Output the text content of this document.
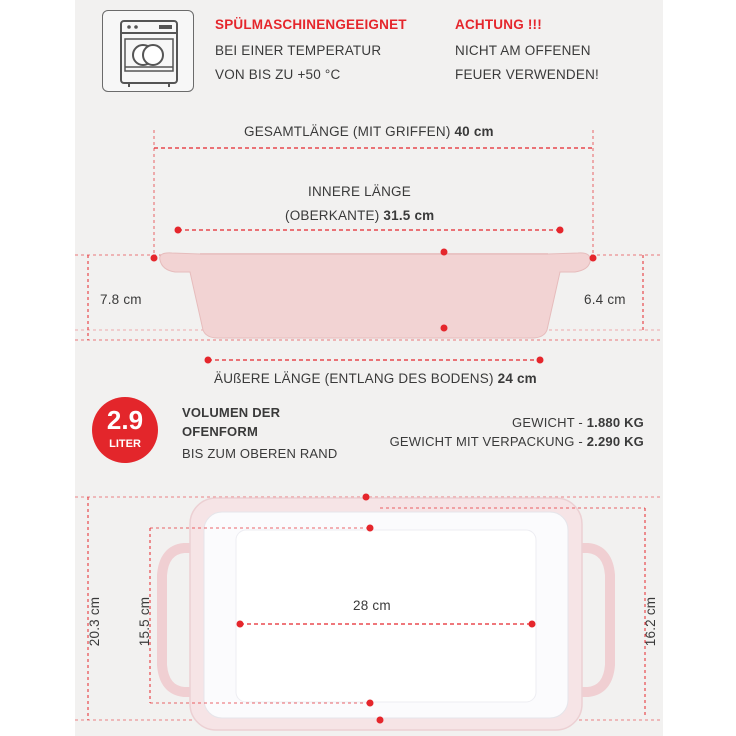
SPÜLMASCHINENGEEIGNET
BEI EINER TEMPERATUR
VON BIS ZU +50 °C
ACHTUNG !!!
NICHT AM OFFENEN
FEUER VERWENDEN!
GESAMTLÄNGE (MIT GRIFFEN) 40 cm
INNERE LÄNGE
(OBERKANTE) 31.5 cm
7.8 cm	6.4 cm
ÄUßERE LÄNGE (ENTLANG DES BODENS) 24 cm
2.9
LITER
VOLUMEN DER
OFENFORM
BIS ZUM OBEREN RAND
GEWICHT - 1.880 KG
GEWICHT MIT VERPACKUNG - 2.290 KG
28 cm
20.3 cm	15.5 cm	16.2 cm
